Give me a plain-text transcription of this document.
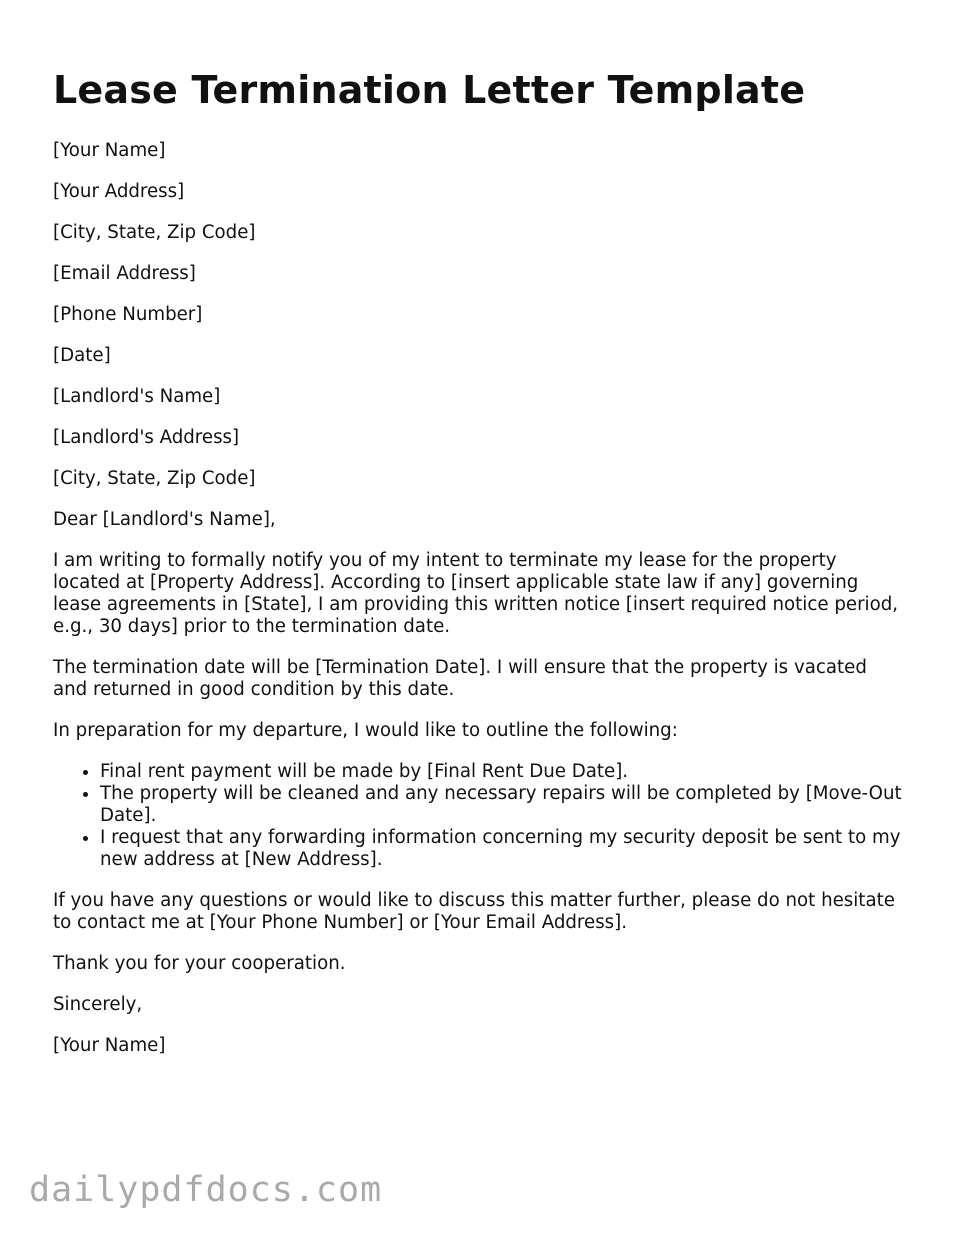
Lease Termination Letter Template

[Your Name]

[Your Address]

[City, State, Zip Code]

[Email Address]

[Phone Number]

[Date]

[Landlord's Name]

[Landlord's Address]

[City, State, Zip Code]

Dear [Landlord's Name],

I am writing to formally notify you of my intent to terminate my lease for the property located at [Property Address]. According to [insert applicable state law if any] governing lease agreements in [State], I am providing this written notice [insert required notice period, e.g., 30 days] prior to the termination date.

The termination date will be [Termination Date]. I will ensure that the property is vacated and returned in good condition by this date.

In preparation for my departure, I would like to outline the following:

• Final rent payment will be made by [Final Rent Due Date].
• The property will be cleaned and any necessary repairs will be completed by [Move-Out Date].
• I request that any forwarding information concerning my security deposit be sent to my new address at [New Address].

If you have any questions or would like to discuss this matter further, please do not hesitate to contact me at [Your Phone Number] or [Your Email Address].

Thank you for your cooperation.

Sincerely,

[Your Name]

dailypdfdocs.com
